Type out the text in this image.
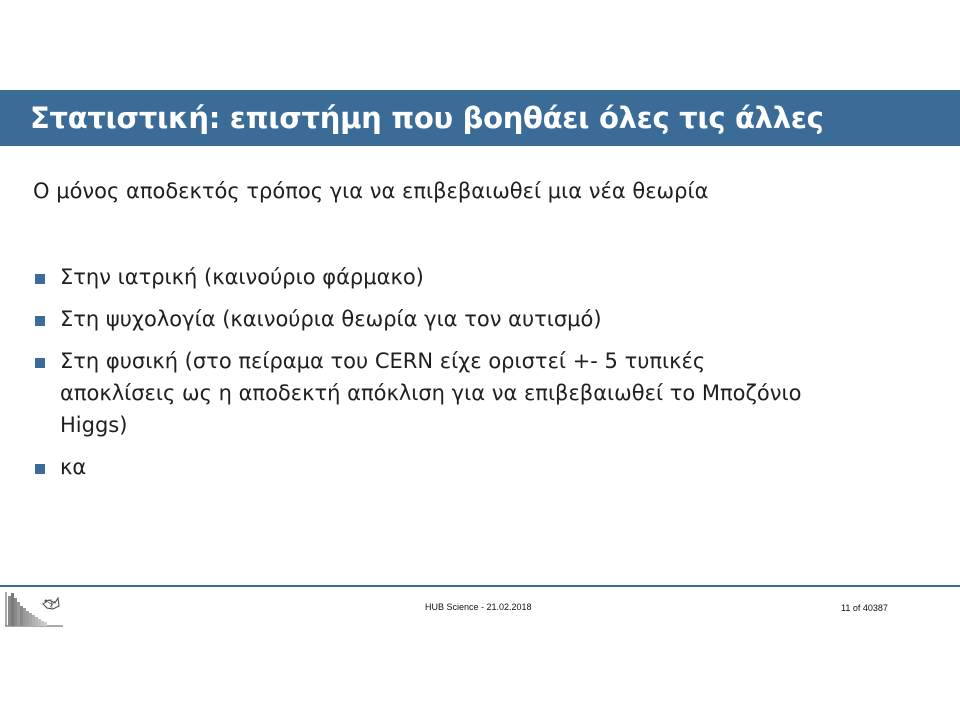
Στατιστική: επιστήμη που βοηθάει όλες τις άλλες
Ο μόνος αποδεκτός τρόπος για να επιβεβαιωθεί μια νέα θεωρία
Στην ιατρική (καινούριο φάρμακο)
Στη ψυχολογία (καινούρια θεωρία για τον αυτισμό)
Στη φυσική (στο πείραμα του CERN είχε οριστεί +- 5 τυπικές αποκλίσεις ως η αποδεκτή απόκλιση για να επιβεβαιωθεί το Μποζόνιο Higgs)
κα
HUB Science - 21.02.2018	11 of 40387
